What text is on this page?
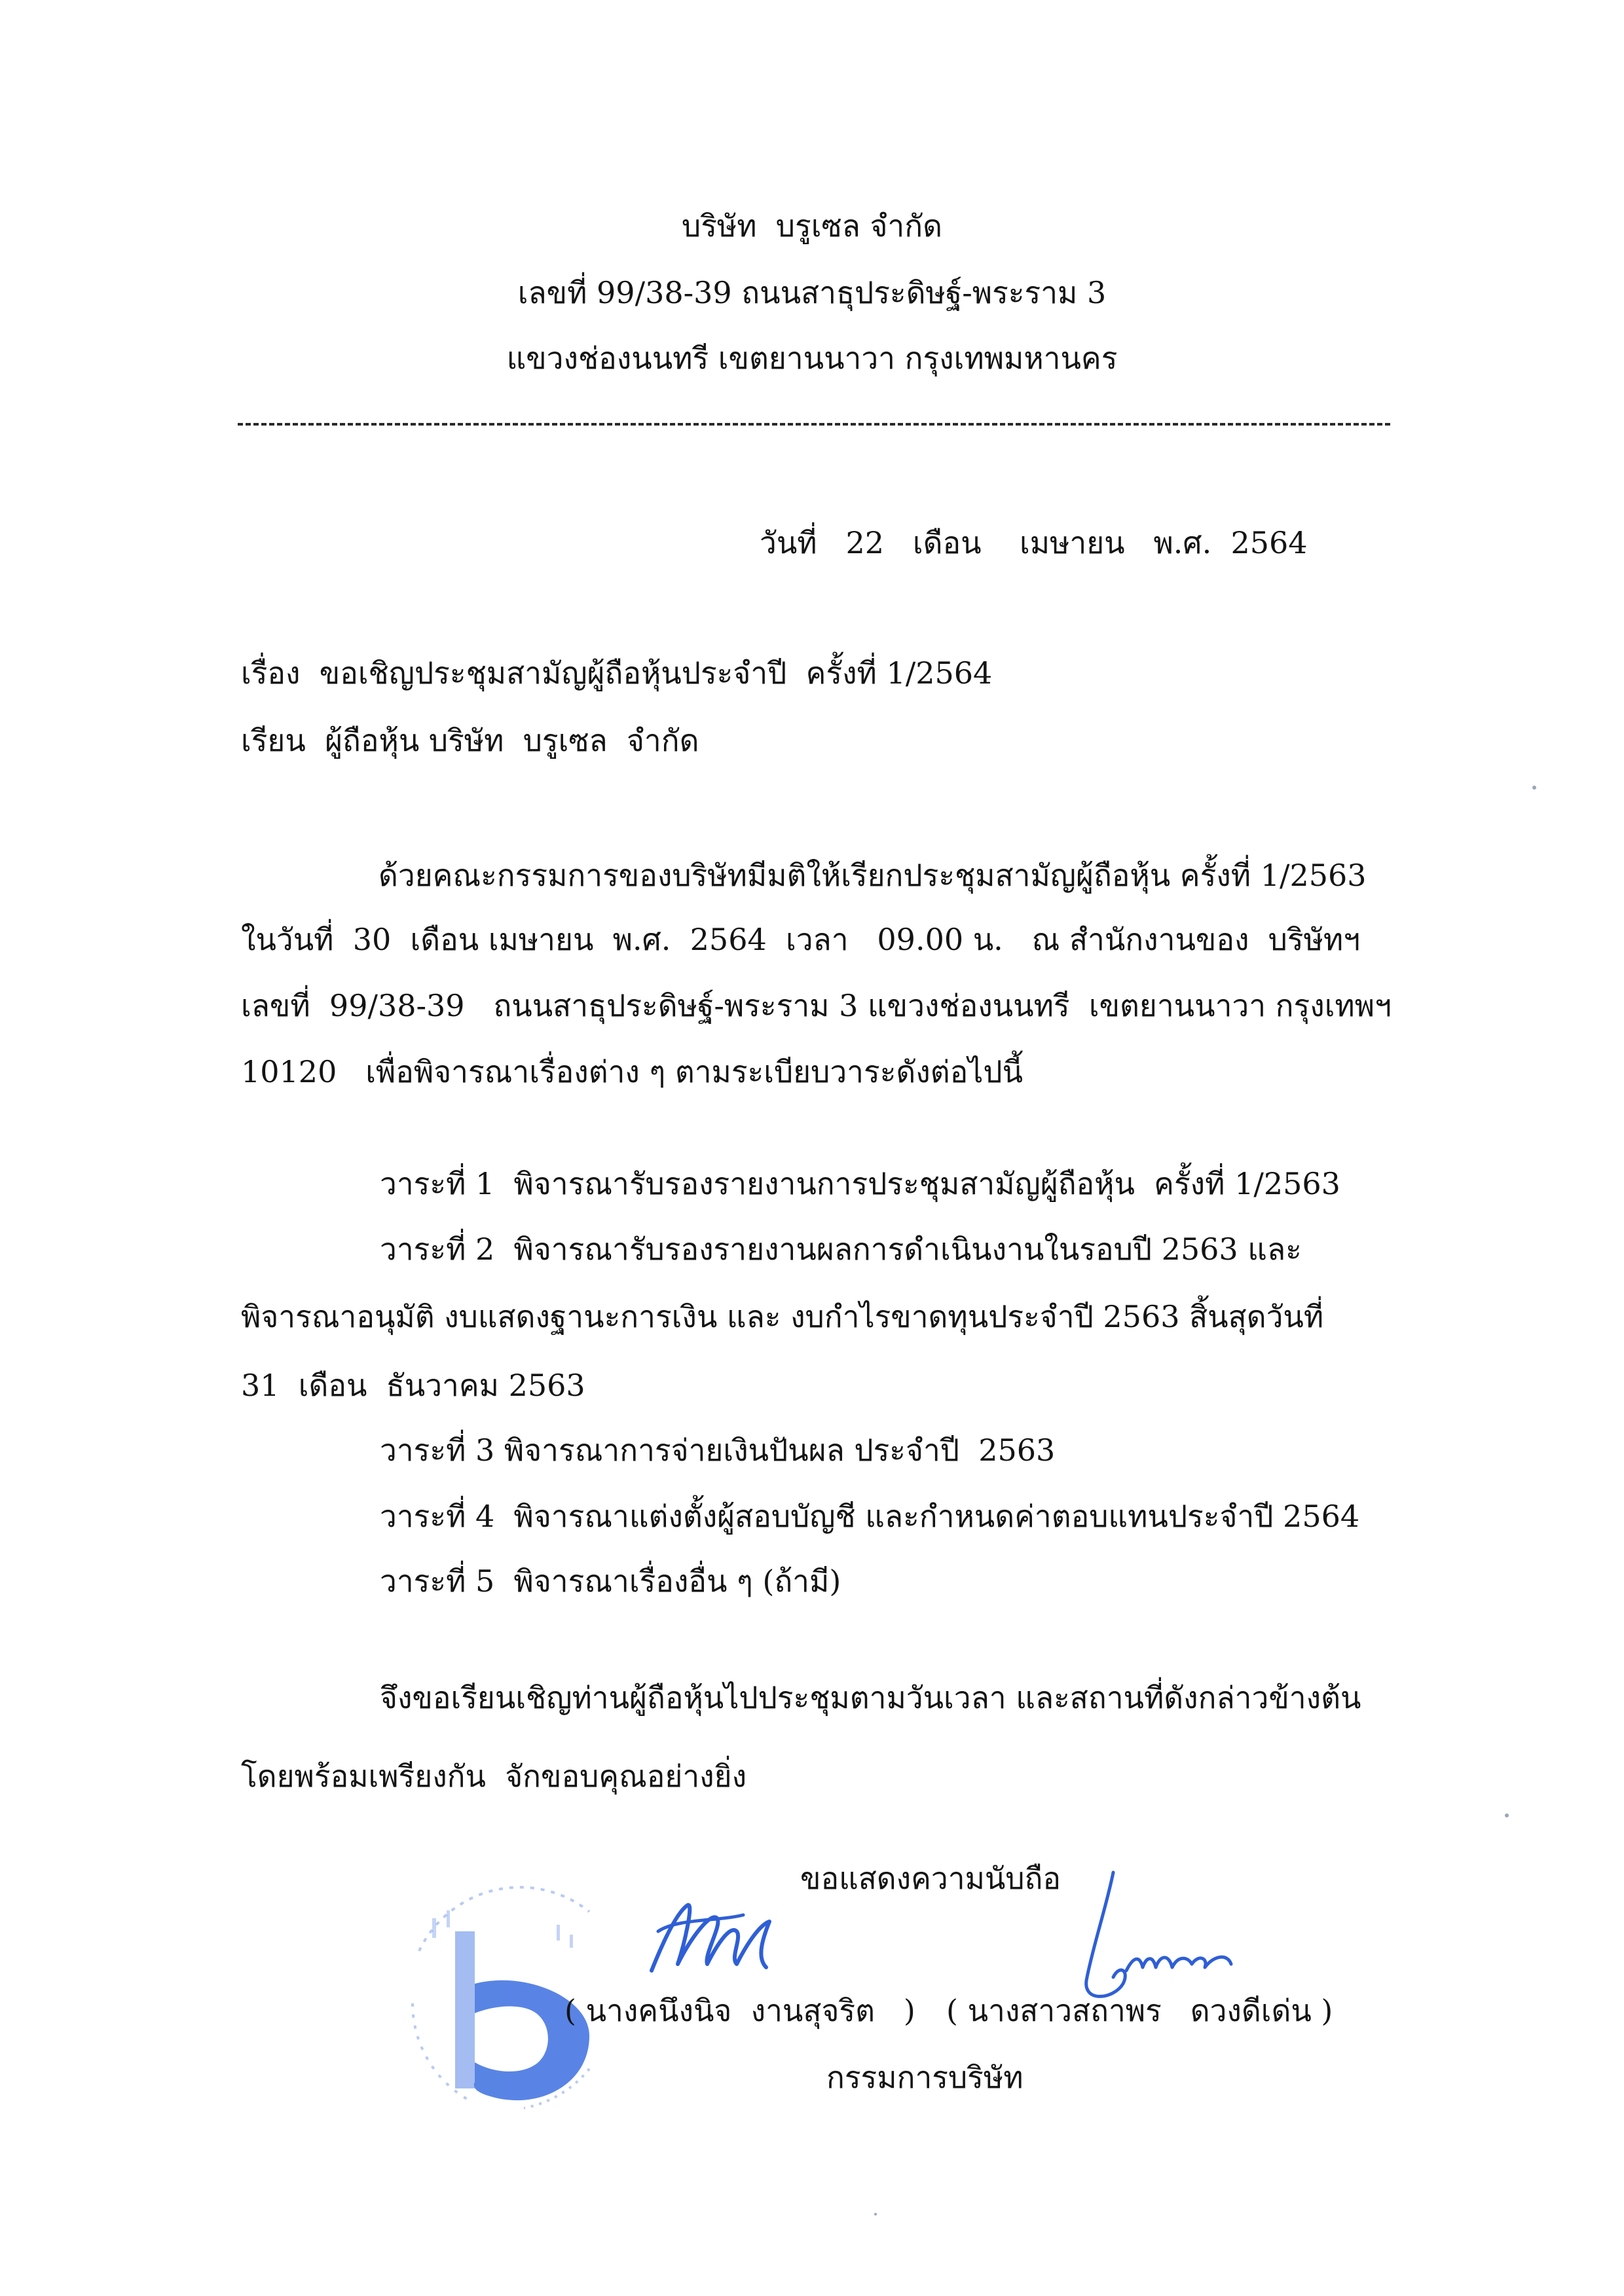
บริษัท  บรูเซล จำกัด
เลขที่ 99/38-39 ถนนสาธุประดิษฐ์-พระราม 3
แขวงช่องนนทรี เขตยานนาวา กรุงเทพมหานคร
วันที่   22   เดือน    เมษายน   พ.ศ.  2564
เรื่อง  ขอเชิญประชุมสามัญผู้ถือหุ้นประจำปี  ครั้งที่ 1/2564
เรียน  ผู้ถือหุ้น บริษัท  บรูเซล  จำกัด
ด้วยคณะกรรมการของบริษัทมีมติให้เรียกประชุมสามัญผู้ถือหุ้น ครั้งที่ 1/2563
ในวันที่  30  เดือน เมษายน  พ.ศ.  2564  เวลา   09.00 น.   ณ สำนักงานของ  บริษัทฯ
เลขที่  99/38-39   ถนนสาธุประดิษฐ์-พระราม 3 แขวงช่องนนทรี  เขตยานนาวา กรุงเทพฯ
10120   เพื่อพิจารณาเรื่องต่าง ๆ ตามระเบียบวาระดังต่อไปนี้
วาระที่ 1  พิจารณารับรองรายงานการประชุมสามัญผู้ถือหุ้น  ครั้งที่ 1/2563
วาระที่ 2  พิจารณารับรองรายงานผลการดำเนินงานในรอบปี 2563 และ
พิจารณาอนุมัติ งบแสดงฐานะการเงิน และ งบกำไรขาดทุนประจำปี 2563 สิ้นสุดวันที่
31  เดือน  ธันวาคม 2563
วาระที่ 3 พิจารณาการจ่ายเงินปันผล ประจำปี  2563
วาระที่ 4  พิจารณาแต่งตั้งผู้สอบบัญชี และกำหนดค่าตอบแทนประจำปี 2564
วาระที่ 5  พิจารณาเรื่องอื่น ๆ (ถ้ามี)
จึงขอเรียนเชิญท่านผู้ถือหุ้นไปประชุมตามวันเวลา และสถานที่ดังกล่าวข้างต้น
โดยพร้อมเพรียงกัน  จักขอบคุณอย่างยิ่ง
ขอแสดงความนับถือ
( นางคนึงนิจ  งานสุจริต   ) ( นางสาวสถาพร   ดวงดีเด่น )
กรรมการบริษัท
